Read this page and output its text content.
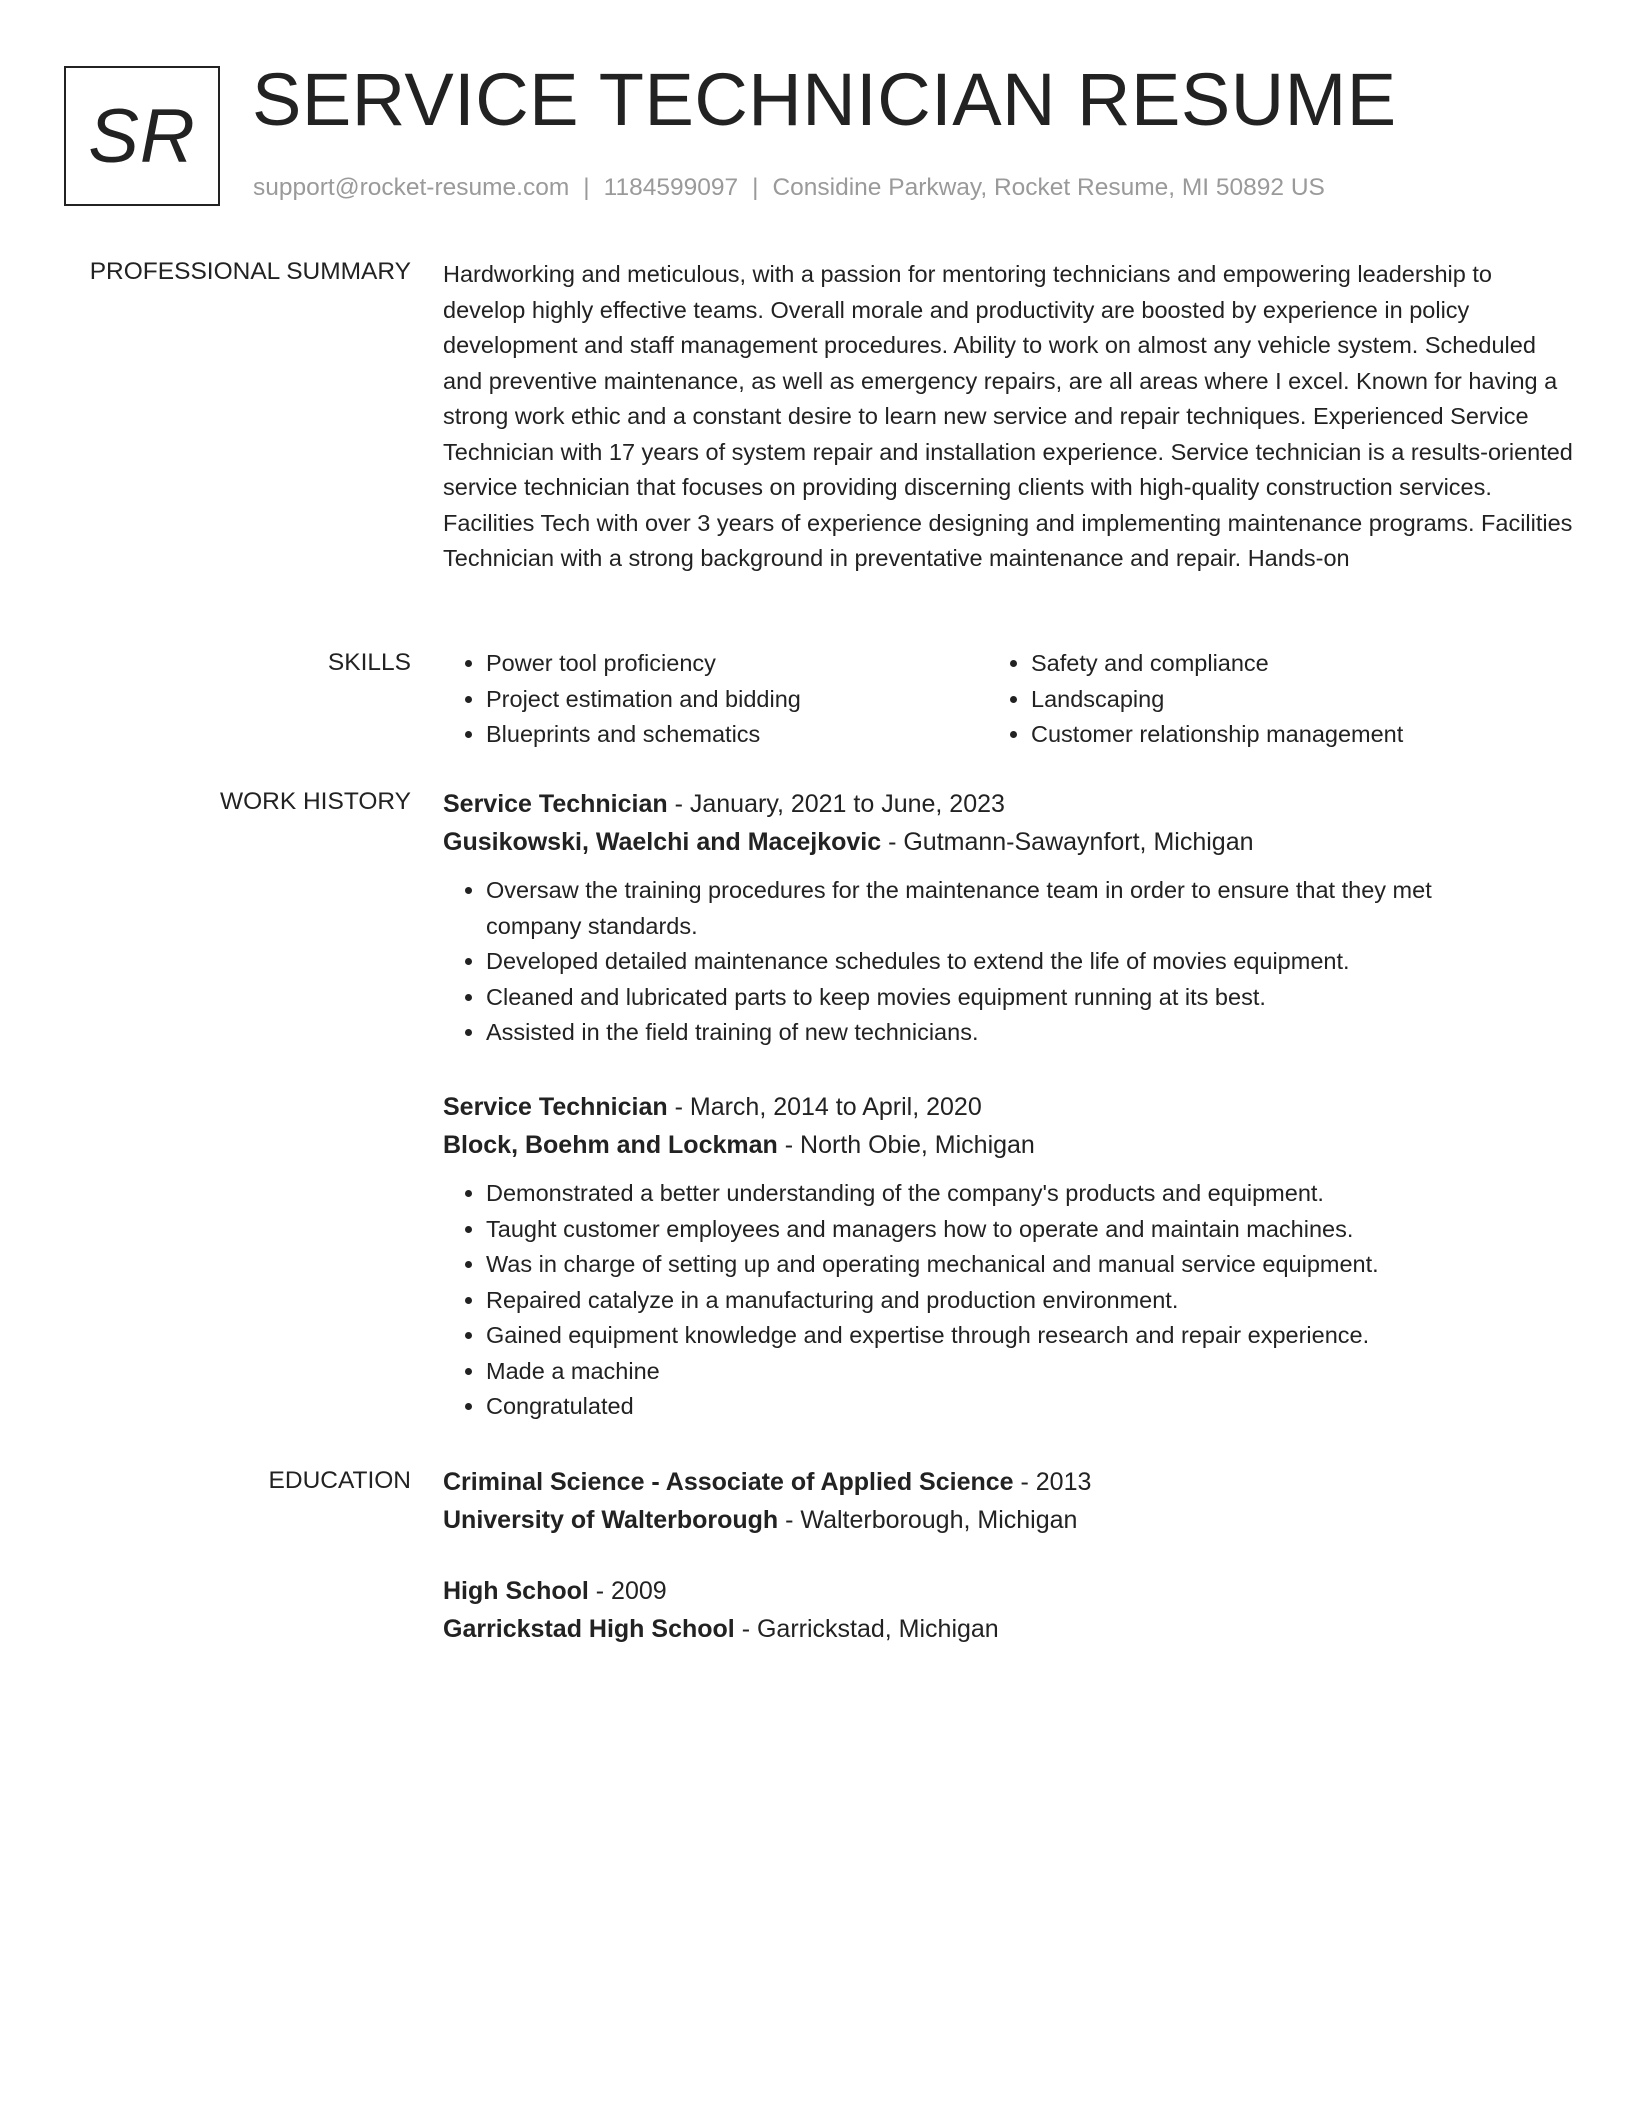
SR SERVICE TECHNICIAN RESUME
support@rocket-resume.com | 1184599097 | Considine Parkway, Rocket Resume, MI 50892 US
PROFESSIONAL SUMMARY Hardworking and meticulous, with a passion for mentoring technicians and empowering leadership to develop highly effective teams. Overall morale and productivity are boosted by experience in policy development and staff management procedures. Ability to work on almost any vehicle system. Scheduled and preventive maintenance, as well as emergency repairs, are all areas where I excel. Known for having a strong work ethic and a constant desire to learn new service and repair techniques. Experienced Service Technician with 17 years of system repair and installation experience. Service technician is a results-oriented service technician that focuses on providing discerning clients with high-quality construction services. Facilities Tech with over 3 years of experience designing and implementing maintenance programs. Facilities Technician with a strong background in preventative maintenance and repair. Hands-on
SKILLS
•	Power tool proficiency
• Project estimation and bidding
• Blueprints and schematics
• Safety and compliance
• Landscaping
• Customer relationship management
WORK HISTORY Service Technician - January, 2021 to June, 2023
Gusikowski, Waelchi and Macejkovic - Gutmann-Sawaynfort, Michigan
• Oversaw the training procedures for the maintenance team in order to ensure that they met company standards.
• Developed detailed maintenance schedules to extend the life of movies equipment.
• Cleaned and lubricated parts to keep movies equipment running at its best.
• Assisted in the field training of new technicians.
Service Technician - March, 2014 to April, 2020
Block, Boehm and Lockman - North Obie, Michigan
• Demonstrated a better understanding of the company's products and equipment.
• Taught customer employees and managers how to operate and maintain machines.
• Was in charge of setting up and operating mechanical and manual service equipment.
• Repaired catalyze in a manufacturing and production environment.
• Gained equipment knowledge and expertise through research and repair experience.
• Made a machine
• Congratulated
EDUCATION Criminal Science - Associate of Applied Science - 2013
University of Walterborough - Walterborough, Michigan
High School - 2009
Garrickstad High School - Garrickstad, Michigan
